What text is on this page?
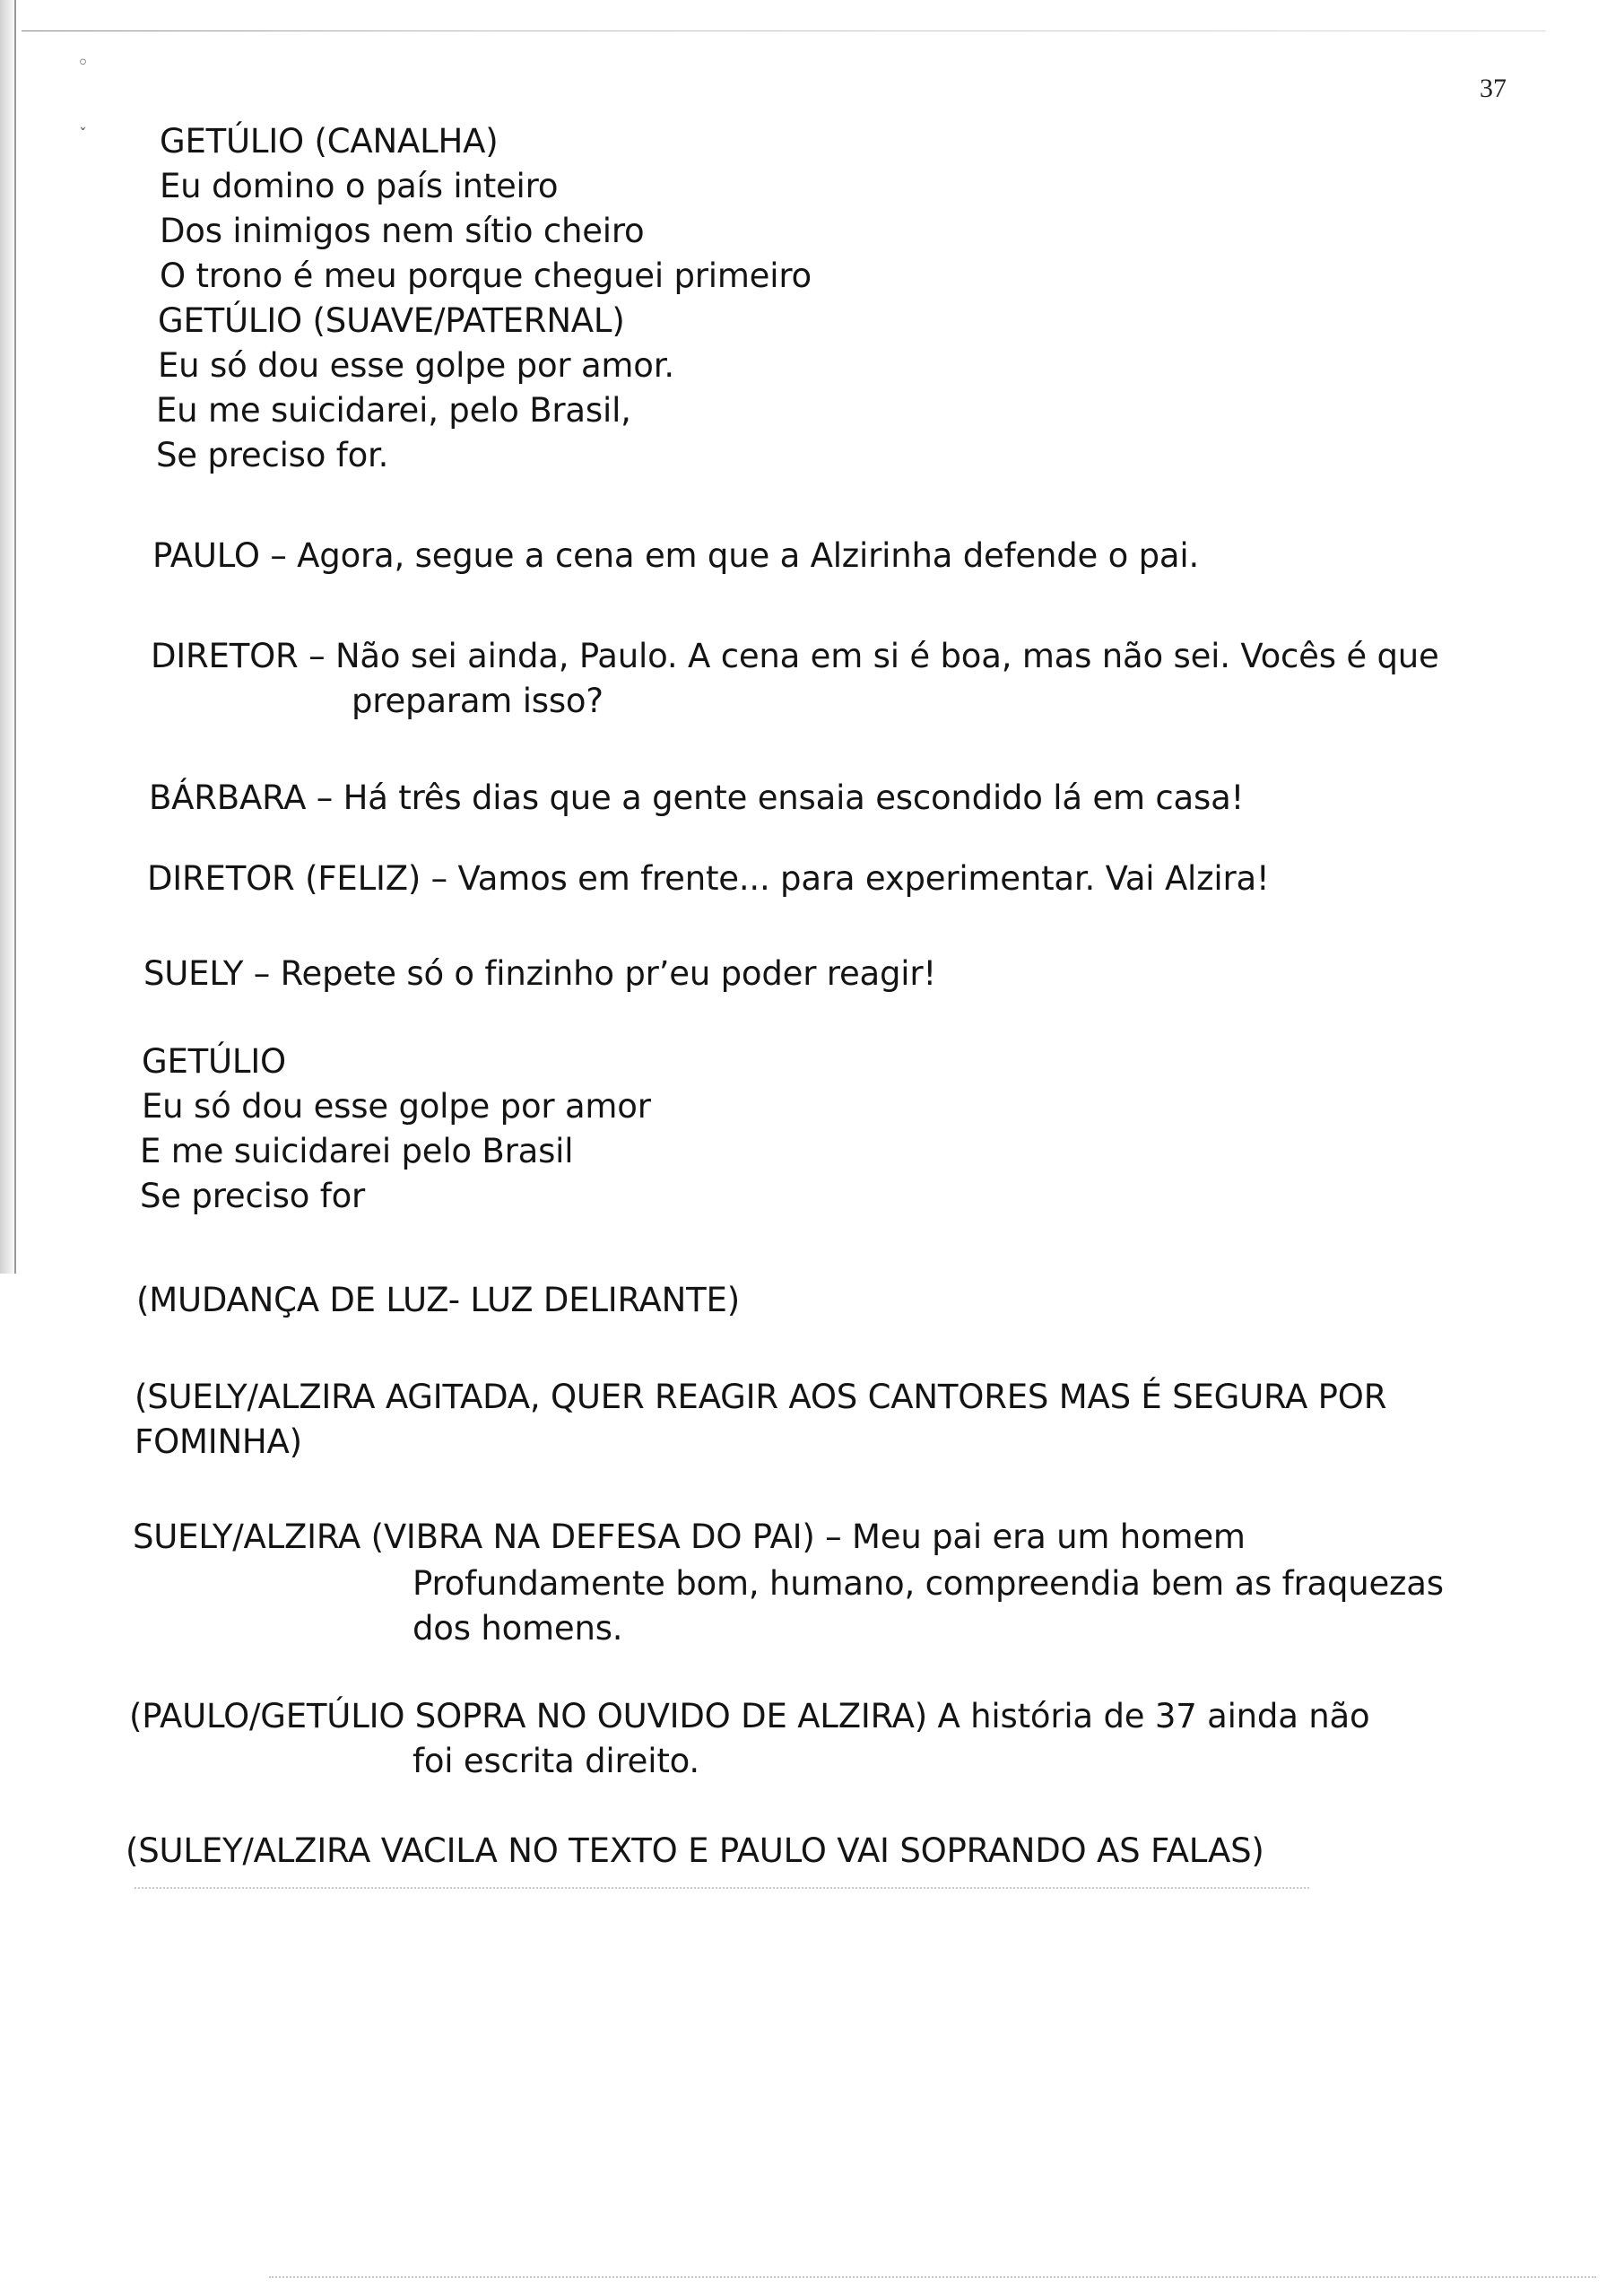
◦
ˇ
37
GETÚLIO (CANALHA)
Eu domino o país inteiro
Dos inimigos nem sítio cheiro
O trono é meu porque cheguei primeiro
GETÚLIO (SUAVE/PATERNAL)
Eu só dou esse golpe por amor.
Eu me suicidarei, pelo Brasil,
Se preciso for.
PAULO – Agora, segue a cena em que a Alzirinha defende o pai.
DIRETOR – Não sei ainda, Paulo. A cena em si é boa, mas não sei. Vocês é que
preparam isso?
BÁRBARA – Há três dias que a gente ensaia escondido lá em casa!
DIRETOR (FELIZ) – Vamos em frente... para experimentar. Vai Alzira!
SUELY – Repete só o finzinho pr’eu poder reagir!
GETÚLIO
Eu só dou esse golpe por amor
E me suicidarei pelo Brasil
Se preciso for
(MUDANÇA DE LUZ- LUZ DELIRANTE)
(SUELY/ALZIRA AGITADA, QUER REAGIR AOS CANTORES MAS É SEGURA POR
FOMINHA)
SUELY/ALZIRA (VIBRA NA DEFESA DO PAI) – Meu pai era um homem
Profundamente bom, humano, compreendia bem as fraquezas
dos homens.
(PAULO/GETÚLIO SOPRA NO OUVIDO DE ALZIRA) A história de 37 ainda não
foi escrita direito.
(SULEY/ALZIRA VACILA NO TEXTO E PAULO VAI SOPRANDO AS FALAS)
